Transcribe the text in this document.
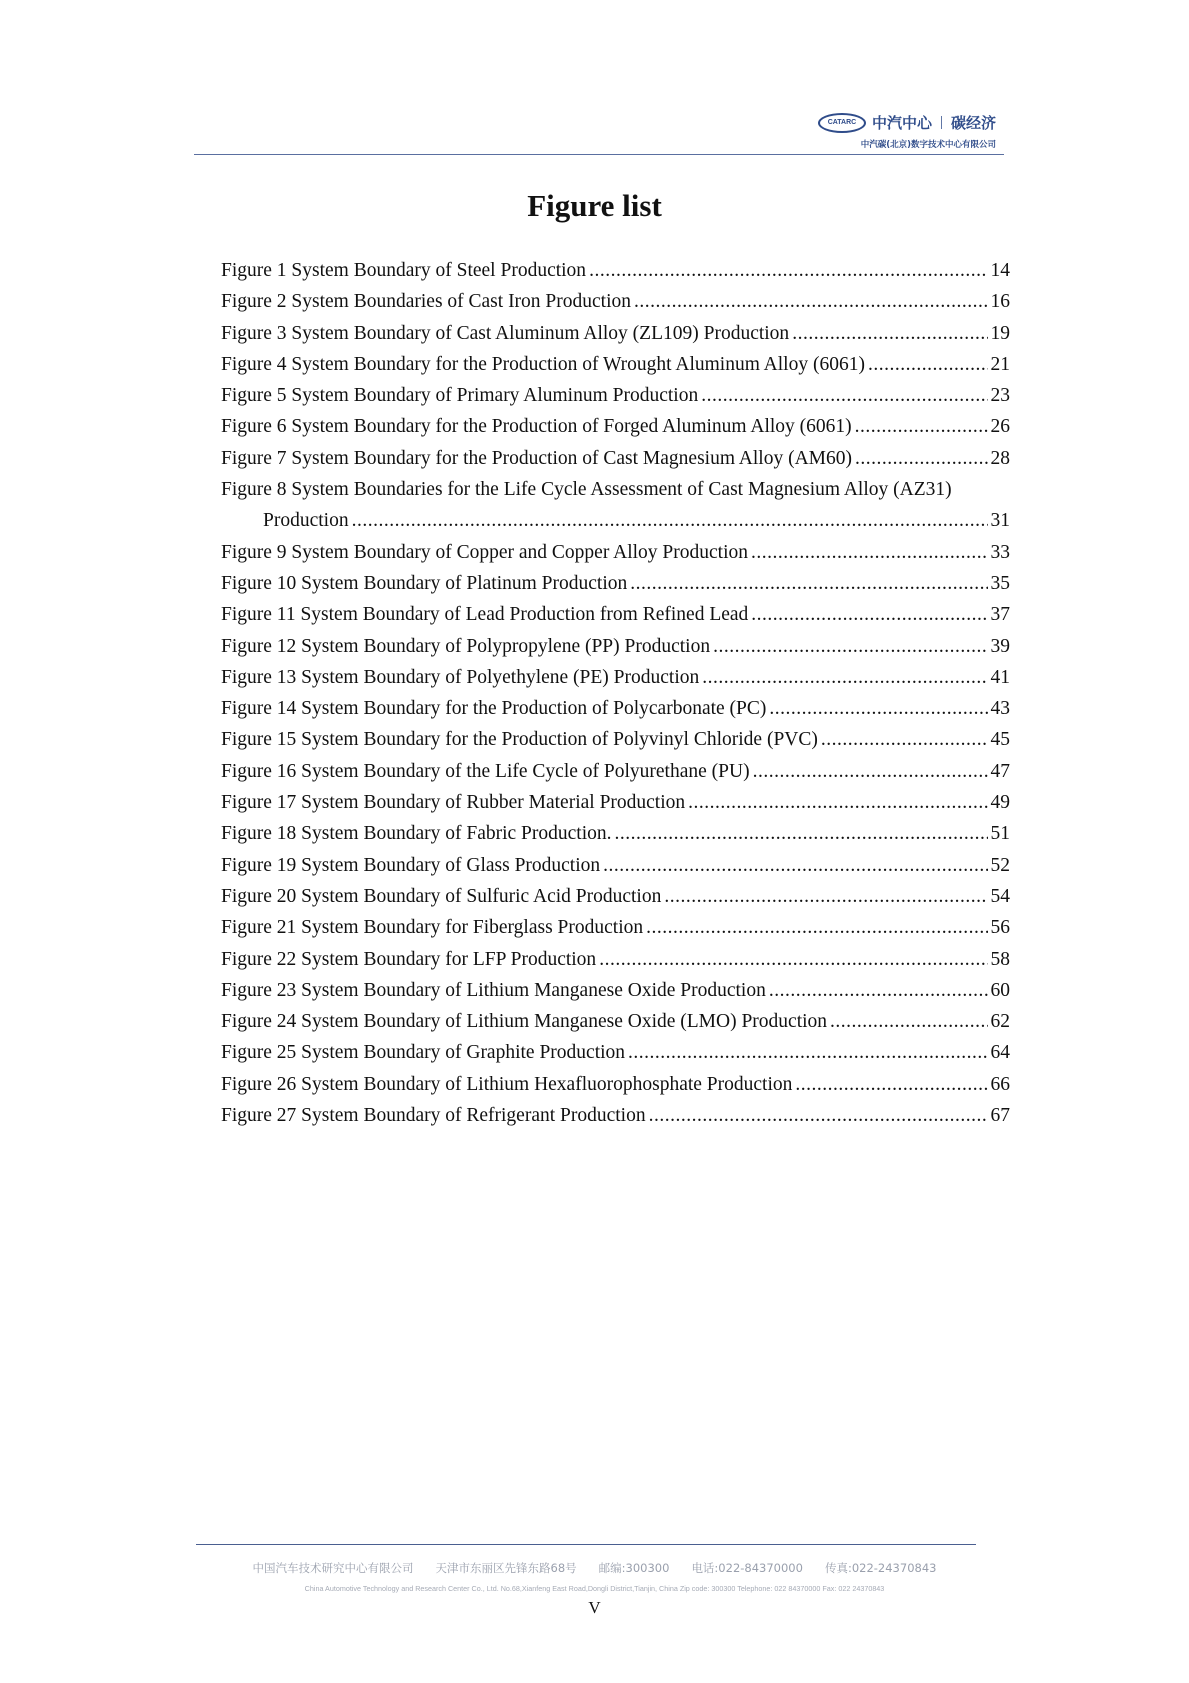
CATARC	中汽中心 | 碳经济
中汽碳(北京)数字技术中心有限公司
Figure list
Figure 1 System Boundary of Steel Production .....	14
Figure 2 System Boundaries of Cast Iron Production .....	16
Figure 3 System Boundary of Cast Aluminum Alloy (ZL109) Production .....	19
Figure 4 System Boundary for the Production of Wrought Aluminum Alloy (6061) .....	21
Figure 5 System Boundary of Primary Aluminum Production .....	23
Figure 6 System Boundary for the Production of Forged Aluminum Alloy (6061) .....	26
Figure 7 System Boundary for the Production of Cast Magnesium Alloy (AM60) .....	28
Figure 8 System Boundaries for the Life Cycle Assessment of Cast Magnesium Alloy (AZ31)
Production .....	31
Figure 9 System Boundary of Copper and Copper Alloy Production .....	33
Figure 10 System Boundary of Platinum Production .....	35
Figure 11 System Boundary of Lead Production from Refined Lead .....	37
Figure 12 System Boundary of Polypropylene (PP) Production .....	39
Figure 13 System Boundary of Polyethylene (PE) Production .....	41
Figure 14 System Boundary for the Production of Polycarbonate (PC) .....	43
Figure 15 System Boundary for the Production of Polyvinyl Chloride (PVC) .....	45
Figure 16 System Boundary of the Life Cycle of Polyurethane (PU) .....	47
Figure 17 System Boundary of Rubber Material Production .....	49
Figure 18 System Boundary of Fabric Production. .....	51
Figure 19 System Boundary of Glass Production .....	52
Figure 20 System Boundary of Sulfuric Acid Production .....	54
Figure 21 System Boundary for Fiberglass Production .....	56
Figure 22 System Boundary for LFP Production .....	58
Figure 23 System Boundary of Lithium Manganese Oxide Production .....	60
Figure 24 System Boundary of Lithium Manganese Oxide (LMO) Production .....	62
Figure 25 System Boundary of Graphite Production .....	64
Figure 26 System Boundary of Lithium Hexafluorophosphate Production .....	66
Figure 27 System Boundary of Refrigerant Production .....	67
中国汽车技术研究中心有限公司 天津市东丽区先锋东路68号 邮编:300300 电话:022-84370000 传真:022-24370843
China Automotive Technology and Research Center Co., Ltd. No.68,Xianfeng East Road,Dongli District,Tianjin, China Zip code: 300300 Telephone: 022 84370000 Fax: 022 24370843
V
